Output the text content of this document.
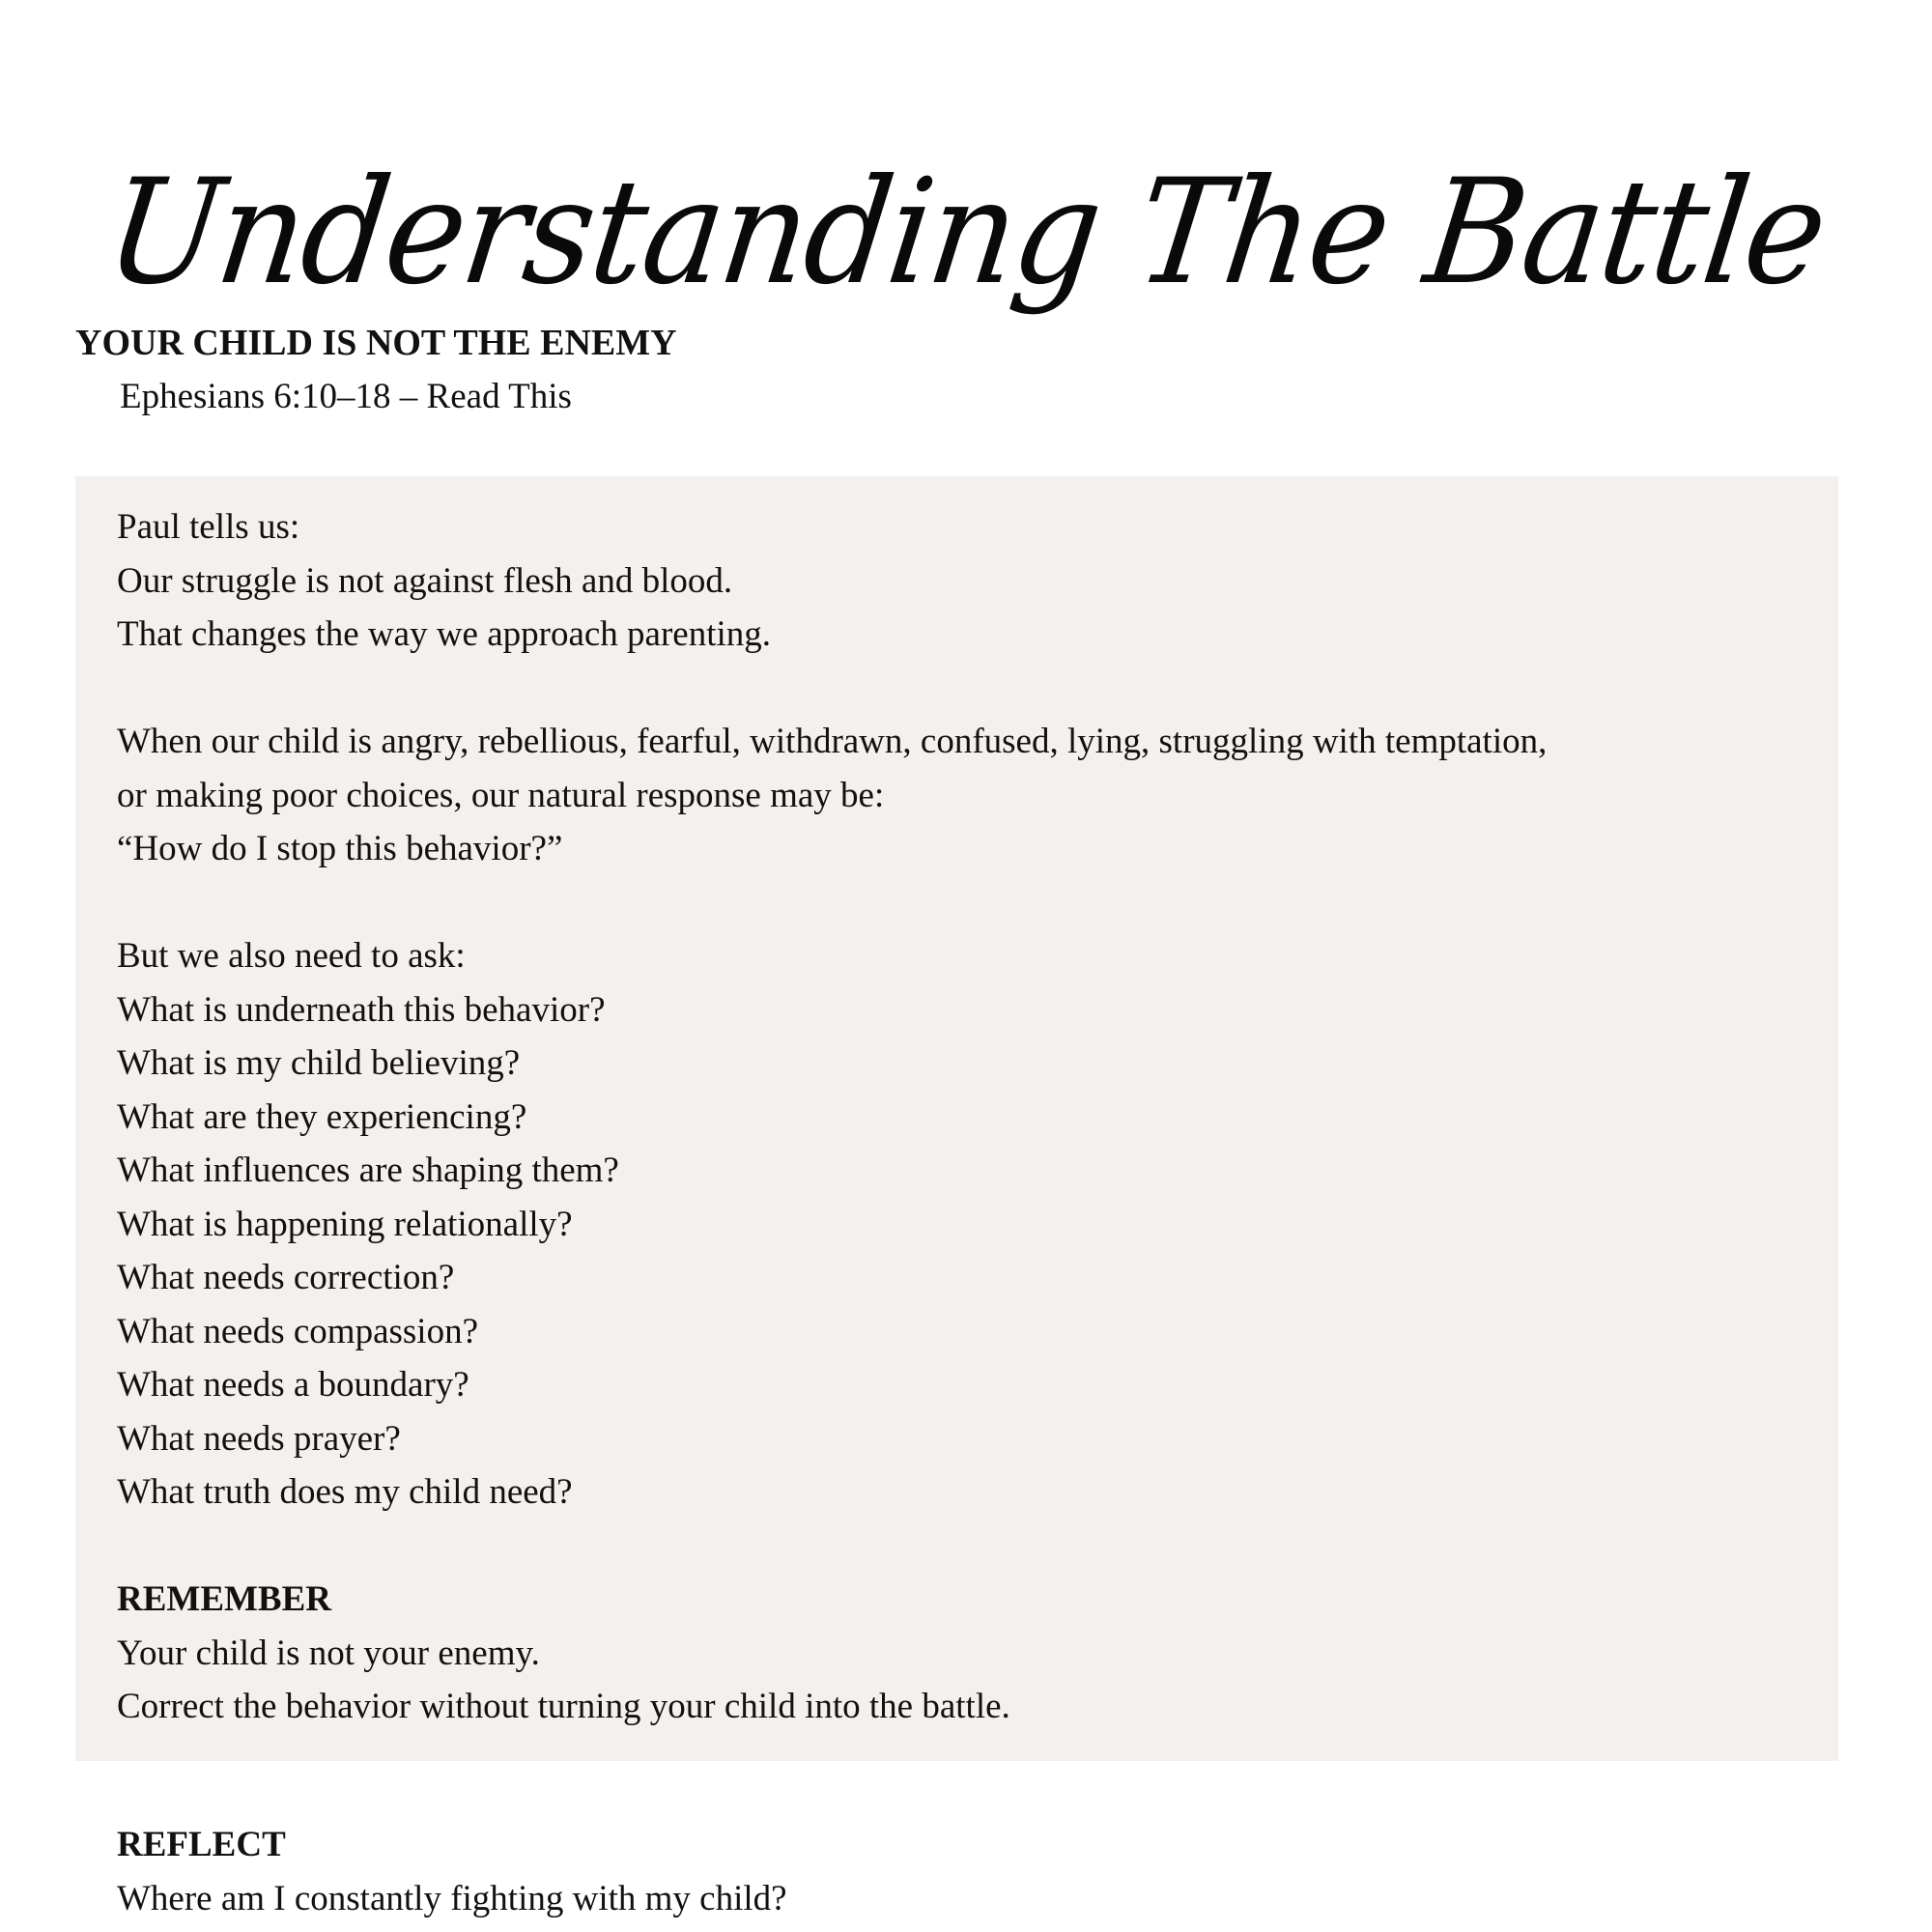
Understanding The Battle
YOUR CHILD IS NOT THE ENEMY
Ephesians 6:10–18 – Read This
Paul tells us:
Our struggle is not against flesh and blood.
That changes the way we approach parenting.
When our child is angry, rebellious, fearful, withdrawn, confused, lying, struggling with temptation,
or making poor choices, our natural response may be:
“How do I stop this behavior?”
But we also need to ask:
What is underneath this behavior?
What is my child believing?
What are they experiencing?
What influences are shaping them?
What is happening relationally?
What needs correction?
What needs compassion?
What needs a boundary?
What needs prayer?
What truth does my child need?
REMEMBER
Your child is not your enemy.
Correct the behavior without turning your child into the battle.
REFLECT
Where am I constantly fighting with my child?
